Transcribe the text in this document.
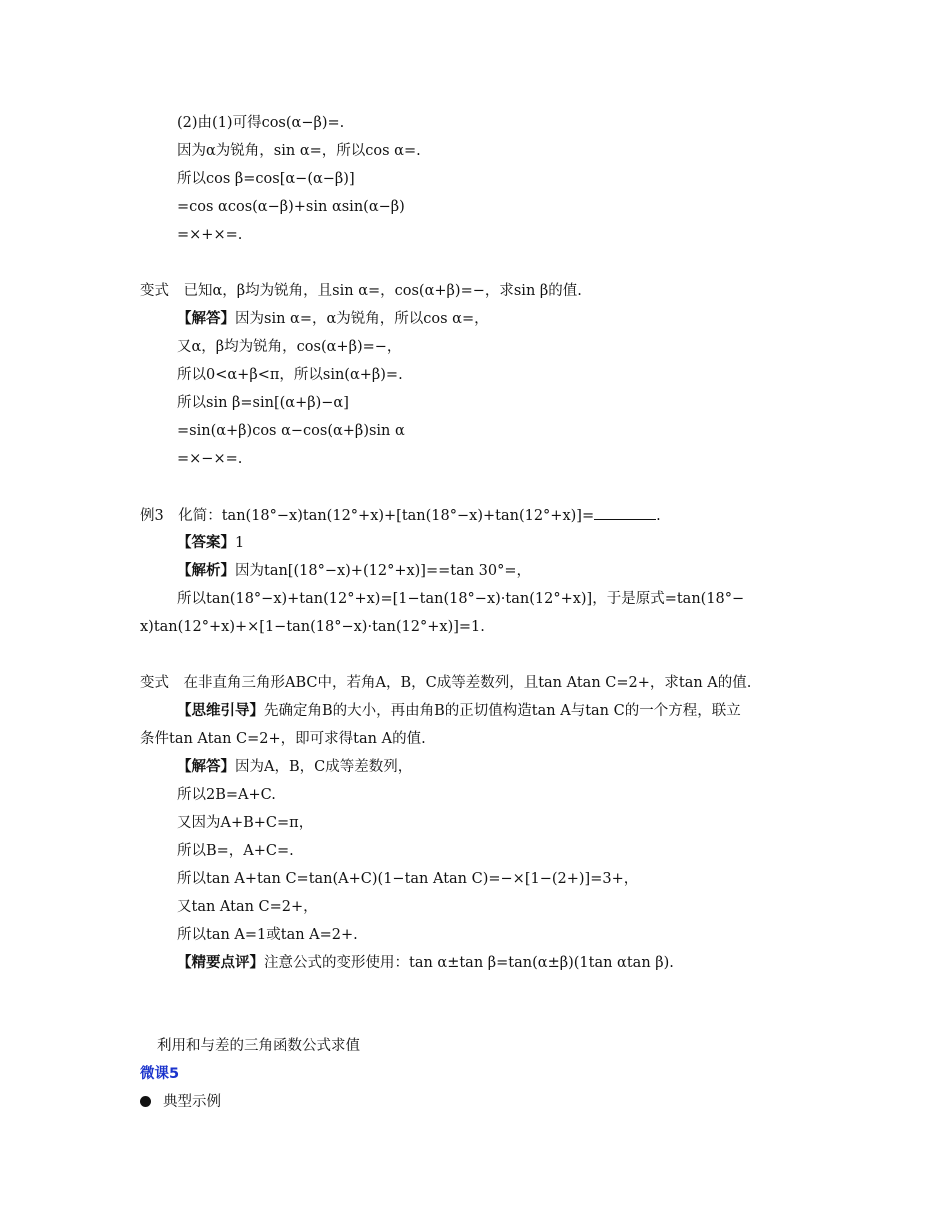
(2)由(1)可得cos(α−β)=.
因为α为锐角，sin α=，所以cos α=.
所以cos β=cos[α−(α−β)]
=cos αcos(α−β)+sin αsin(α−β)
=×+×=.
变式　已知α，β均为锐角，且sin α=，cos(α+β)=−，求sin β的值.
【解答】因为sin α=，α为锐角，所以cos α=，
又α，β均为锐角，cos(α+β)=−，
所以0<α+β<π，所以sin(α+β)=.
所以sin β=sin[(α+β)−α]
=sin(α+β)cos α−cos(α+β)sin α
=×−×=.
例3　化简：tan(18°−x)tan(12°+x)+[tan(18°−x)+tan(12°+x)]=	.
【答案】1
【解析】因为tan[(18°−x)+(12°+x)]==tan 30°=，
所以tan(18°−x)+tan(12°+x)=[1−tan(18°−x)·tan(12°+x)]，于是原式=tan(18°−
x)tan(12°+x)+×[1−tan(18°−x)·tan(12°+x)]=1.
变式　在非直角三角形ABC中，若角A，B，C成等差数列，且tan Atan C=2+，求tan A的值.
【思维引导】先确定角B的大小，再由角B的正切值构造tan A与tan C的一个方程，联立
条件tan Atan C=2+，即可求得tan A的值.
【解答】因为A，B，C成等差数列，
所以2B=A+C.
又因为A+B+C=π，
所以B=，A+C=.
所以tan A+tan C=tan(A+C)(1−tan Atan C)=−×[1−(2+)]=3+，
又tan Atan C=2+，
所以tan A=1或tan A=2+.
【精要点评】注意公式的变形使用：tan α±tan β=tan(α±β)(1tan αtan β).
利用和与差的三角函数公式求值
微课5
典型示例
